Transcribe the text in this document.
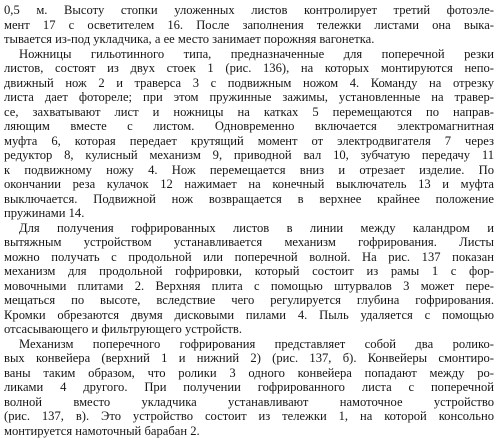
0,5 м. Высоту стопки уложенных листов контролирует третий фотоэле-
мент 17 с осветителем 16. После заполнения тележки листами она выка-
тывается из-под укладчика, а ее место занимает порожняя вагонетка.

Ножницы гильотинного типа, предназначенные для поперечной резки
листов, состоят из двух стоек 1 (рис. 136), на которых монтируются непо-
движный нож 2 и траверса 3 с подвижным ножом 4. Команду на отрезку
листа дает фотореле; при этом пружинные зажимы, установленные на травер-
се, захватывают лист и ножницы на катках 5 перемещаются по направ-
ляющим вместе с листом. Одновременно включается электромагнитная
муфта 6, которая передает крутящий момент от электродвигателя 7 через
редуктор 8, кулисный механизм 9, приводной вал 10, зубчатую передачу 11
к подвижному ножу 4. Нож перемещается вниз и отрезает изделие. По
окончании реза кулачок 12 нажимает на конечный выключатель 13 и муфта
выключается. Подвижной нож возвращается в верхнее крайнее положение
пружинами 14.

Для получения гофрированных листов в линии между каландром и
вытяжным устройством устанавливается механизм гофрирования. Листы
можно получать с продольной или поперечной волной. На рис. 137 показан
механизм для продольной гофрировки, который состоит из рамы 1 с фор-
мовочными плитами 2. Верхняя плита с помощью штурвалов 3 может пере-
мещаться по высоте, вследствие чего регулируется глубина гофрирования.
Кромки обрезаются двумя дисковыми пилами 4. Пыль удаляется с помощью
отсасывающего и фильтрующего устройств.

Механизм поперечного гофрирования представляет собой два ролико-
вых конвейера (верхний 1 и нижний 2) (рис. 137, б). Конвейеры смонтиро-
ваны таким образом, что ролики 3 одного конвейера попадают между ро-
ликами 4 другого. При получении гофрированного листа с поперечной
волной вместо укладчика устанавливают намоточное устройство
(рис. 137, в). Это устройство состоит из тележки 1, на которой консольно
монтируется намоточный барабан 2.
